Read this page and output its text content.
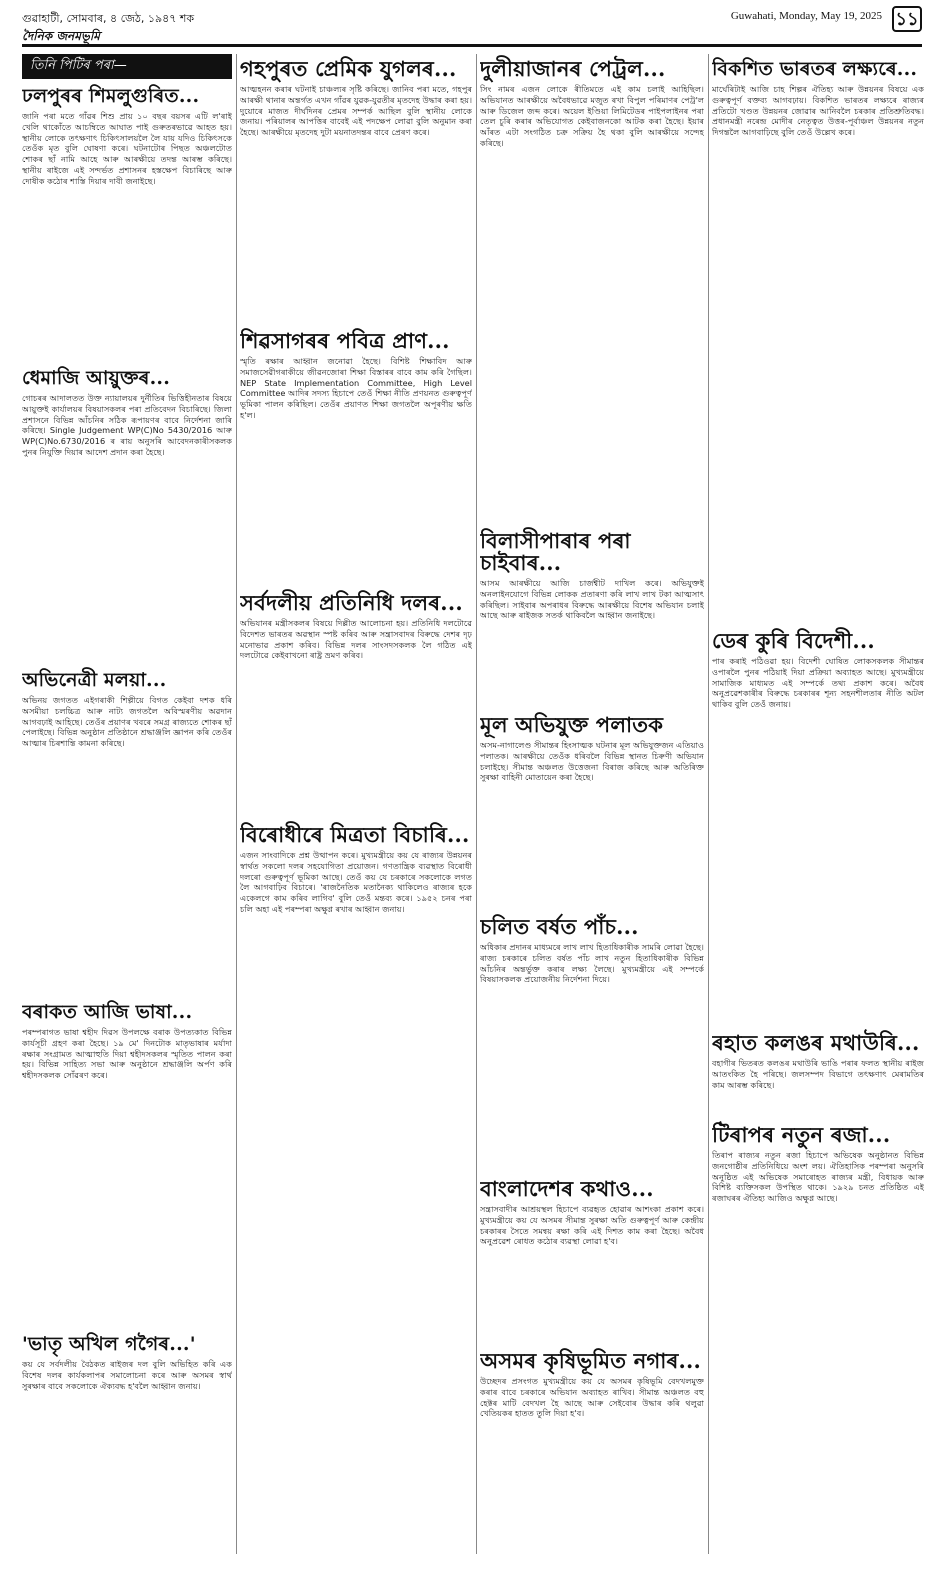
গুৱাহাটী, সোমবাৰ, ৪ জেঠ, ১৯৪৭ শক	Guwahati, Monday, May 19, 2025 ১১
দৈনিক জনমভূমি
তিনি পিটিৰ পৰা—
ঢলপুৰৰ শিমলুগুৰিত...
জানি পৰা মতে গাঁৱৰ শিশু প্ৰায় ১০ বছৰ বয়সৰ এটি ল'ৰাই খেলি থাকোঁতে আচম্বিতে আঘাত পাই গুৰুতৰভাৱে আহত হয়। স্থানীয় লোকে তৎক্ষণাৎ চিকিৎসালয়লৈ লৈ যায় যদিও চিকিৎসকে তেওঁক মৃত বুলি ঘোষণা কৰে। ঘটনাটোৰ পিছত অঞ্চলটোত শোকৰ ছাঁ নামি আহে আৰু আৰক্ষীয়ে তদন্ত আৰম্ভ কৰিছে। স্থানীয় ৰাইজে এই সন্দৰ্ভত প্ৰশাসনৰ হস্তক্ষেপ বিচাৰিছে আৰু দোষীক কঠোৰ শাস্তি দিয়াৰ দাবী জনাইছে।
ধেমাজি আয়ুক্তৰ...
গোচৰৰ আদালতত উক্ত ন্যায়ালয়ৰ দুৰ্নীতিৰ ভিত্তিহীনতাৰ বিষয়ে আয়ুক্তই কাৰ্যালয়ৰ বিষয়াসকলৰ পৰা প্ৰতিবেদন বিচাৰিছে। জিলা প্ৰশাসনে বিভিন্ন আঁচনিৰ সঠিক ৰূপায়ণৰ বাবে নিৰ্দেশনা জাৰি কৰিছে। Single Judgement WP(C)No 5430/2016 আৰু WP(C)No.6730/2016 ৰ ৰায় অনুসৰি আবেদনকাৰীসকলক পুনৰ নিযুক্তি দিয়াৰ আদেশ প্ৰদান কৰা হৈছে।
অভিনেত্ৰী মলয়া...
অভিনয় জগতত এইগৰাকী শিল্পীয়ে বিগত কেইবা দশক ধৰি অসমীয়া চলচ্চিত্ৰ আৰু নাট্য জগতলৈ অবিস্মৰণীয় অৱদান আগবঢ়াই আহিছে। তেওঁৰ প্ৰয়াণৰ খবৰে সমগ্ৰ ৰাজ্যতে শোকৰ ছাঁ পেলাইছে। বিভিন্ন অনুষ্ঠান প্ৰতিষ্ঠানে শ্ৰদ্ধাঞ্জলি জ্ঞাপন কৰি তেওঁৰ আত্মাৰ চিৰশান্তি কামনা কৰিছে।
বৰাকত আজি ভাষা...
পৰম্পৰাগত ভাষা শ্বহীদ দিৱস উপলক্ষে বৰাক উপত্যকাত বিভিন্ন কাৰ্যসূচী গ্ৰহণ কৰা হৈছে। ১৯ মে' দিনটোক মাতৃভাষাৰ মৰ্যাদা ৰক্ষাৰ সংগ্ৰামত আত্মাহুতি দিয়া শ্বহীদসকলৰ স্মৃতিত পালন কৰা হয়। বিভিন্ন সাহিত্য সভা আৰু অনুষ্ঠানে শ্ৰদ্ধাঞ্জলি অৰ্পণ কৰি শ্বহীদসকলক সোঁৱৰণ কৰে।
'ভাতৃ অখিল গগৈৰ...'
কয় যে সৰ্বদলীয় বৈঠকত ৰাইজৰ দল বুলি অভিহিত কৰি এক বিশেষ দলৰ কাৰ্যকলাপৰ সমালোচনা কৰে আৰু অসমৰ স্বাৰ্থ সুৰক্ষাৰ বাবে সকলোকে ঐক্যবদ্ধ হ'বলৈ আহ্বান জনায়।
গহপুৰত প্ৰেমিক যুগলৰ...
আত্মহনন কৰাৰ ঘটনাই চাঞ্চল্যৰ সৃষ্টি কৰিছে। জানিব পৰা মতে, গহপুৰ আৰক্ষী থানাৰ অন্তৰ্গত এখন গাঁৱৰ যুৱক-যুৱতীৰ মৃতদেহ উদ্ধাৰ কৰা হয়। দুয়োৰে মাজত দীৰ্ঘদিনৰ প্ৰেমৰ সম্পৰ্ক আছিল বুলি স্থানীয় লোকে জনায়। পৰিয়ালৰ আপত্তিৰ বাবেই এই পদক্ষেপ লোৱা বুলি অনুমান কৰা হৈছে। আৰক্ষীয়ে মৃতদেহ দুটা ময়নাতদন্তৰ বাবে প্ৰেৰণ কৰে।
শিৱসাগৰৰ পবিত্ৰ প্ৰাণ...
স্মৃতি ৰক্ষাৰ আহ্বান জনোৱা হৈছে। বিশিষ্ট শিক্ষাবিদ আৰু সমাজসেৱীগৰাকীয়ে জীৱনজোৰা শিক্ষা বিস্তাৰৰ বাবে কাম কৰি গৈছিল। NEP State Implementation Committee, High Level Committee আদিৰ সদস্য হিচাপে তেওঁ শিক্ষা নীতি প্ৰণয়নত গুৰুত্বপূৰ্ণ ভূমিকা পালন কৰিছিল। তেওঁৰ প্ৰয়াণত শিক্ষা জগতলৈ অপূৰণীয় ক্ষতি হ'ল।
সৰ্বদলীয় প্ৰতিনিধি দলৰ...
অভিযানৰ মন্ত্ৰীসকলৰ বিষয়ে দিল্লীত আলোচনা হয়। প্ৰতিনিধি দলটোৱে বিদেশত ভাৰতৰ অৱস্থান স্পষ্ট কৰিব আৰু সন্ত্ৰাসবাদৰ বিৰুদ্ধে দেশৰ দৃঢ় মনোভাৱ প্ৰকাশ কৰিব। বিভিন্ন দলৰ সাংসদসকলক লৈ গঠিত এই দলটোৱে কেইবাখনো ৰাষ্ট্ৰ ভ্ৰমণ কৰিব।
বিৰোধীৰে মিত্ৰতা বিচাৰি...
এজন সাংবাদিকে প্ৰশ্ন উত্থাপন কৰে। মুখ্যমন্ত্ৰীয়ে কয় যে ৰাজ্যৰ উন্নয়নৰ স্বাৰ্থত সকলো দলৰ সহযোগিতা প্ৰয়োজন। গণতান্ত্ৰিক ব্যৱস্থাত বিৰোধী দলৰো গুৰুত্বপূৰ্ণ ভূমিকা আছে। তেওঁ কয় যে চৰকাৰে সকলোকে লগত লৈ আগবাঢ়িব বিচাৰে। 'ৰাজনৈতিক মতানৈক্য থাকিলেও ৰাজ্যৰ হকে একেলগে কাম কৰিব লাগিব' বুলি তেওঁ মন্তব্য কৰে। ১৯৫২ চনৰ পৰা চলি অহা এই পৰম্পৰা অক্ষুণ্ণ ৰখাৰ আহ্বান জনায়।
দুলীয়াজানৰ পেট্ৰল...
সিং নামৰ এজন লোকে ৰীতিমতে এই কাম চলাই আহিছিল। অভিযানত আৰক্ষীয়ে অবৈধভাৱে মজুত ৰখা বিপুল পৰিমাণৰ পেট্ৰ'ল আৰু ডিজেল জব্দ কৰে। অয়েল ইণ্ডিয়া লিমিটেডৰ পাইপলাইনৰ পৰা তেল চুৰি কৰাৰ অভিযোগত কেইবাজনকো আটক কৰা হৈছে। ইয়াৰ আঁৰত এটা সংগঠিত চক্ৰ সক্ৰিয় হৈ থকা বুলি আৰক্ষীয়ে সন্দেহ কৰিছে।
বিলাসীপাৰাৰ পৰা চাইবাৰ...
আসম আৰক্ষীয়ে আজি চাৰ্জশ্বীট দাখিল কৰে। অভিযুক্তই অনলাইনযোগে বিভিন্ন লোকক প্ৰতাৰণা কৰি লাখ লাখ টকা আত্মসাৎ কৰিছিল। সাইবাৰ অপৰাধৰ বিৰুদ্ধে আৰক্ষীয়ে বিশেষ অভিযান চলাই আছে আৰু ৰাইজক সতৰ্ক থাকিবলৈ আহ্বান জনাইছে।
মূল অভিযুক্ত পলাতক
অসম-নাগালেণ্ড সীমান্তৰ হিংসাত্মক ঘটনাৰ মূল অভিযুক্তজন এতিয়াও পলাতক। আৰক্ষীয়ে তেওঁক ধৰিবলৈ বিভিন্ন স্থানত চিৰুণী অভিযান চলাইছে। সীমান্ত অঞ্চলত উত্তেজনা বিৰাজ কৰিছে আৰু অতিৰিক্ত সুৰক্ষা বাহিনী মোতায়েন কৰা হৈছে।
চলিত বৰ্ষত পাঁচ...
অধিকাৰ প্ৰদানৰ মাধ্যমৰে লাখ লাখ হিতাধিকাৰীক সামৰি লোৱা হৈছে। ৰাজ্য চৰকাৰে চলিত বৰ্ষত পাঁচ লাখ নতুন হিতাধিকাৰীক বিভিন্ন আঁচনিৰ অন্তৰ্ভুক্ত কৰাৰ লক্ষ্য লৈছে। মুখ্যমন্ত্ৰীয়ে এই সম্পৰ্কে বিষয়াসকলক প্ৰয়োজনীয় নিৰ্দেশনা দিয়ে।
বাংলাদেশৰ কথাও...
সন্ত্ৰাসবাদীৰ আশ্ৰয়স্থল হিচাপে ব্যৱহৃত হোৱাৰ আশংকা প্ৰকাশ কৰে। মুখ্যমন্ত্ৰীয়ে কয় যে অসমৰ সীমান্ত সুৰক্ষা অতি গুৰুত্বপূৰ্ণ আৰু কেন্দ্ৰীয় চৰকাৰৰ সৈতে সমন্বয় ৰক্ষা কৰি এই দিশত কাম কৰা হৈছে। অবৈধ অনুপ্ৰৱেশ ৰোধত কঠোৰ ব্যৱস্থা লোৱা হ'ব।
অসমৰ কৃষিভূমিত নগাৰ...
উচ্ছেদৰ প্ৰসংগত মুখ্যমন্ত্ৰীয়ে কয় যে অসমৰ কৃষিভূমি বেদখলমুক্ত কৰাৰ বাবে চৰকাৰে অভিযান অব্যাহত ৰাখিব। সীমান্ত অঞ্চলত বহু হেক্টৰ মাটি বেদখল হৈ আছে আৰু সেইবোৰ উদ্ধাৰ কৰি থলুৱা খেতিয়কৰ হাতত তুলি দিয়া হ'ব।
বিকশিত ভাৰতৰ লক্ষ্যৰে...
মাৰ্ঘেৰিটাই আজি চাহ শিল্পৰ ঐতিহ্য আৰু উন্নয়নৰ বিষয়ে এক গুৰুত্বপূৰ্ণ বক্তব্য আগবঢ়ায়। বিকশিত ভাৰতৰ লক্ষ্যৰে ৰাজ্যৰ প্ৰতিটো খণ্ডত উন্নয়নৰ জোৱাৰ আনিবলৈ চৰকাৰ প্ৰতিশ্ৰুতিবদ্ধ। প্ৰধানমন্ত্ৰী নৰেন্দ্ৰ মোদীৰ নেতৃত্বত উত্তৰ-পূৰ্বাঞ্চল উন্নয়নৰ নতুন দিগন্তলৈ আগবাঢ়িছে বুলি তেওঁ উল্লেখ কৰে।
ডেৰ কুৰি বিদেশী...
পাৰ কৰাই পঠিওৱা হয়। বিদেশী ঘোষিত লোকসকলক সীমান্তৰ ওপাৰলৈ পুনৰ পঠিয়াই দিয়া প্ৰক্ৰিয়া অব্যাহত আছে। মুখ্যমন্ত্ৰীয়ে সামাজিক মাধ্যমত এই সম্পৰ্কে তথ্য প্ৰকাশ কৰে। অবৈধ অনুপ্ৰৱেশকাৰীৰ বিৰুদ্ধে চৰকাৰৰ শূন্য সহনশীলতাৰ নীতি অটল থাকিব বুলি তেওঁ জনায়।
ৰহাত কলঙৰ মথাউৰি...
বহাগীৰ ভিতৰত কলঙৰ মথাউৰি ভাঙি পৰাৰ ফলত স্থানীয় ৰাইজ আতংকিত হৈ পৰিছে। জলসম্পদ বিভাগে তৎক্ষণাৎ মেৰামতিৰ কাম আৰম্ভ কৰিছে।
টিৰাপৰ নতুন ৰজা...
তিৰাপ ৰাজ্যৰ নতুন ৰজা হিচাপে অভিষেক অনুষ্ঠানত বিভিন্ন জনগোষ্ঠীৰ প্ৰতিনিধিয়ে অংশ লয়। ঐতিহাসিক পৰম্পৰা অনুসৰি অনুষ্ঠিত এই অভিষেক সমাৰোহত ৰাজ্যৰ মন্ত্ৰী, বিধায়ক আৰু বিশিষ্ট ব্যক্তিসকল উপস্থিত থাকে। ১৯২৯ চনত প্ৰতিষ্ঠিত এই ৰজাঘৰৰ ঐতিহ্য আজিও অক্ষুণ্ণ আছে।
